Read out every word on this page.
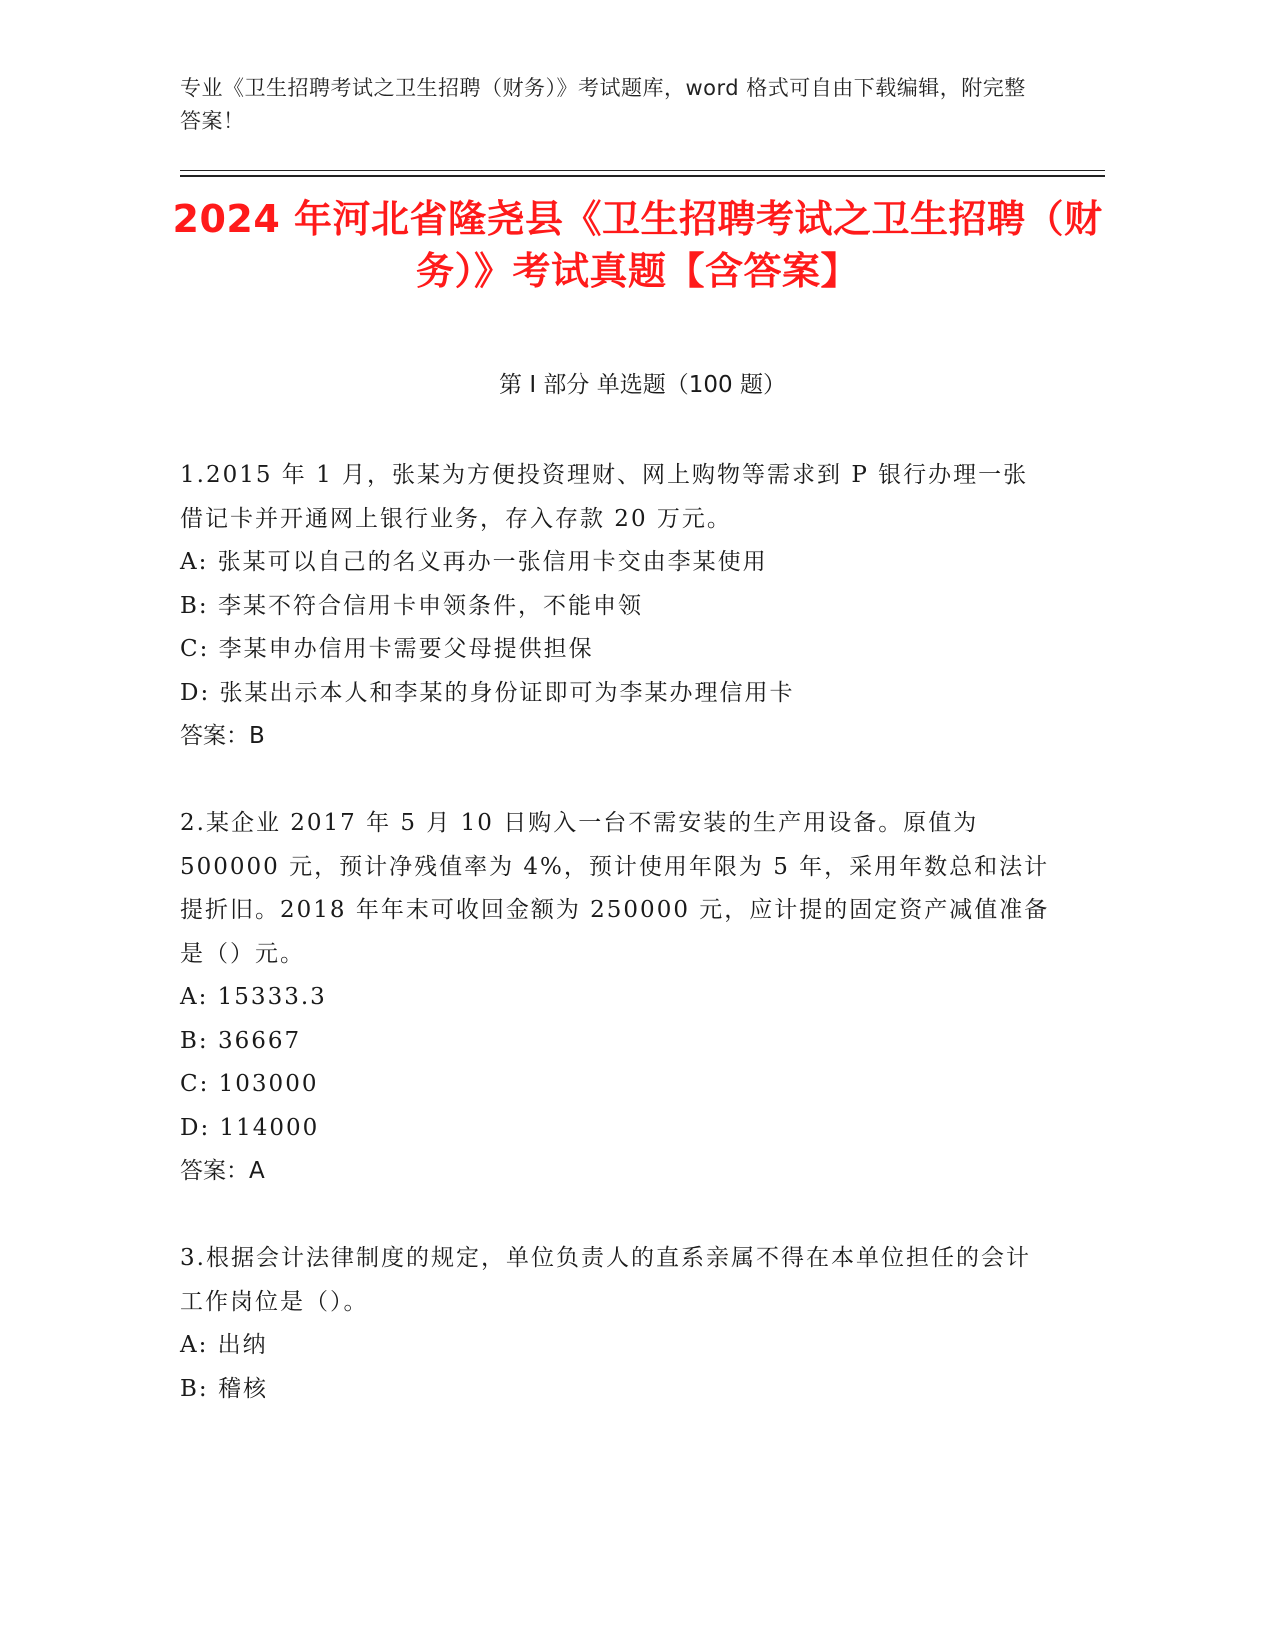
专业《卫生招聘考试之卫生招聘（财务）》考试题库，word 格式可自由下载编辑，附完整答案！
2024 年河北省隆尧县《卫生招聘考试之卫生招聘（财务）》考试真题【含答案】
第 I 部分 单选题（100 题）

1.2015 年 1 月，张某为方便投资理财、网上购物等需求到 P 银行办理一张借记卡并开通网上银行业务，存入存款 20 万元。

A: 张某可以自己的名义再办一张信用卡交由李某使用

B: 李某不符合信用卡申领条件，不能申领

C: 李某申办信用卡需要父母提供担保

D: 张某出示本人和李某的身份证即可为李某办理信用卡

答案：B

2.某企业 2017 年 5 月 10 日购入一台不需安装的生产用设备。原值为 500000 元，预计净残值率为 4%，预计使用年限为 5 年，采用年数总和法计提折旧。2018 年年末可收回金额为 250000 元，应计提的固定资产减值准备是（）元。

A: 15333.3

B: 36667

C: 103000

D: 114000

答案：A

3.根据会计法律制度的规定，单位负责人的直系亲属不得在本单位担任的会计工作岗位是（）。

A: 出纳

B: 稽核
